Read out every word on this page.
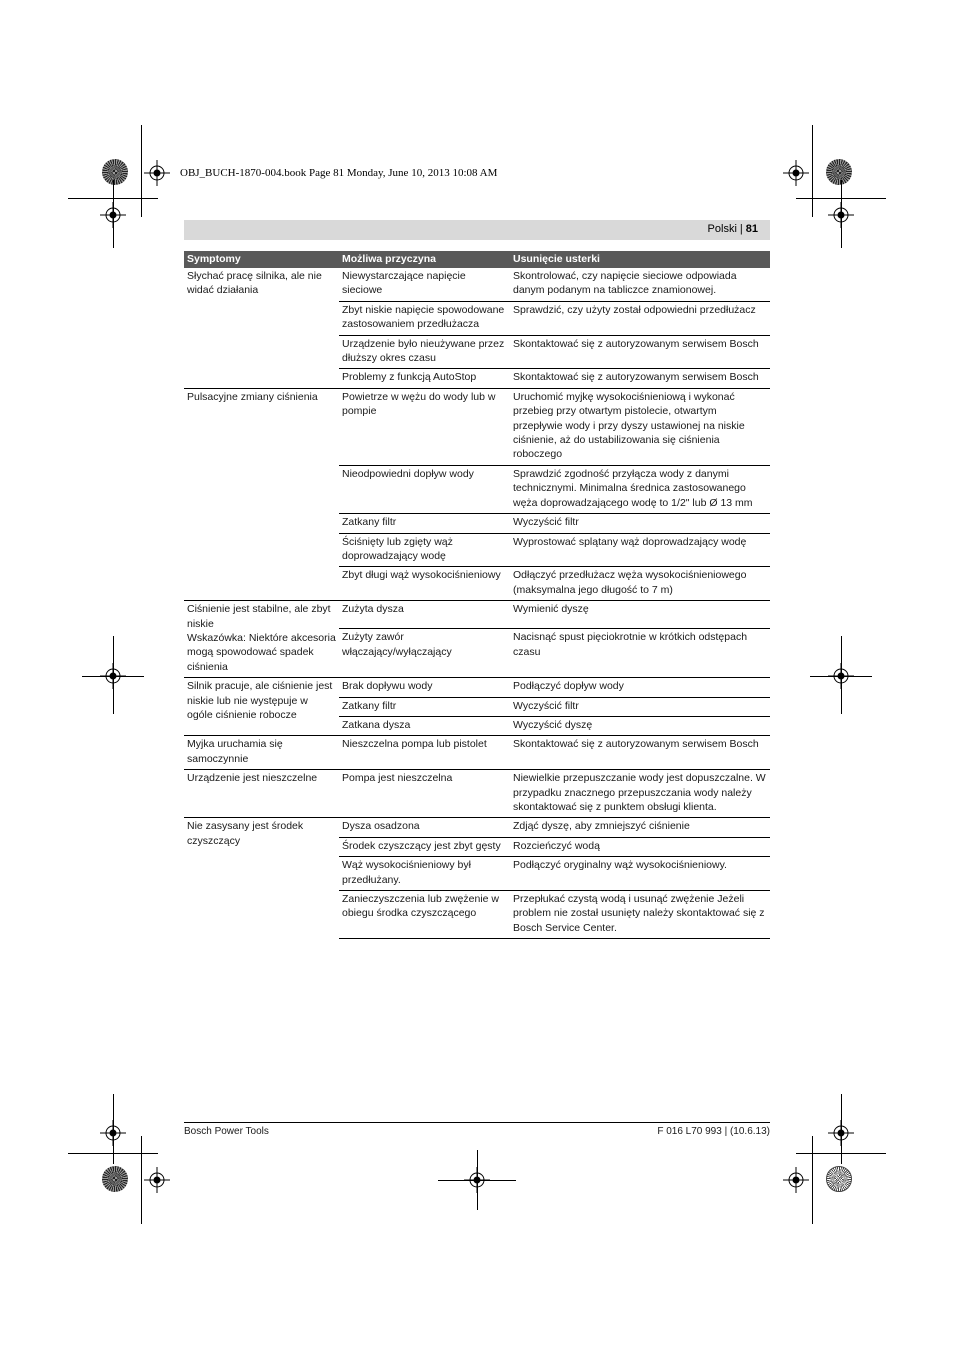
OBJ_BUCH-1870-004.book Page 81 Monday, June 10, 2013 10:08 AM
Polski | 81
Symptomy	Możliwa przyczyna	Usunięcie usterki

Słychać pracę silnika, ale nie widać działania	Niewystarczające napięcie sieciowe	Skontrolować, czy napięcie sieciowe odpowiada danym podanym na tabliczce znamionowej.
	Zbyt niskie napięcie spowodowane zastosowaniem przedłużacza	Sprawdzić, czy użyty został odpowiedni przedłużacz
	Urządzenie było nieużywane przez dłuższy okres czasu	Skontaktować się z autoryzowanym serwisem Bosch
	Problemy z funkcją AutoStop	Skontaktować się z autoryzowanym serwisem Bosch

Pulsacyjne zmiany ciśnienia	Powietrze w wężu do wody lub w pompie	Uruchomić myjkę wysokociśnieniową i wykonać przebieg przy otwartym pistolecie, otwartym przepływie wody i przy dyszy ustawionej na niskie ciśnienie, aż do ustabilizowania się ciśnienia roboczego
	Nieodpowiedni dopływ wody	Sprawdzić zgodność przyłącza wody z danymi technicznymi. Minimalna średnica zastosowanego węża doprowadzającego wodę to 1/2" lub Ø 13 mm
	Zatkany filtr	Wyczyścić filtr
	Ściśnięty lub zgięty wąż doprowadzający wodę	Wyprostować splątany wąż doprowadzający wodę
	Zbyt długi wąż wysokociśnieniowy	Odłączyć przedłużacz węża wysokociśnieniowego (maksymalna jego długość to 7 m)

Ciśnienie jest stabilne, ale zbyt niskie
Wskazówka: Niektóre akcesoria mogą spowodować spadek ciśnienia	Zużyta dysza	Wymienić dyszę
	Zużyty zawór włączający/wyłączający	Nacisnąć spust pięciokrotnie w krótkich odstępach czasu

Silnik pracuje, ale ciśnienie jest niskie lub nie występuje w ogóle ciśnienie robocze	Brak dopływu wody	Podłączyć dopływ wody
	Zatkany filtr	Wyczyścić filtr
	Zatkana dysza	Wyczyścić dyszę

Myjka uruchamia się samoczynnie	Nieszczelna pompa lub pistolet	Skontaktować się z autoryzowanym serwisem Bosch

Urządzenie jest nieszczelne	Pompa jest nieszczelna	Niewielkie przepuszczanie wody jest dopuszczalne. W przypadku znacznego przepuszczania wody należy skontaktować się z punktem obsługi klienta.

Nie zasysany jest środek czyszczący	Dysza osadzona	Zdjąć dyszę, aby zmniejszyć ciśnienie
	Środek czyszczący jest zbyt gęsty	Rozcieńczyć wodą
	Wąż wysokociśnieniowy był przedłużany.	Podłączyć oryginalny wąż wysokociśnieniowy.
	Zanieczyszczenia lub zwężenie w obiegu środka czyszczącego	Przepłukać czystą wodą i usunąć zwężenie Jeżeli problem nie został usunięty należy skontaktować się z Bosch Service Center.
Bosch Power Tools	F 016 L70 993 | (10.6.13)
